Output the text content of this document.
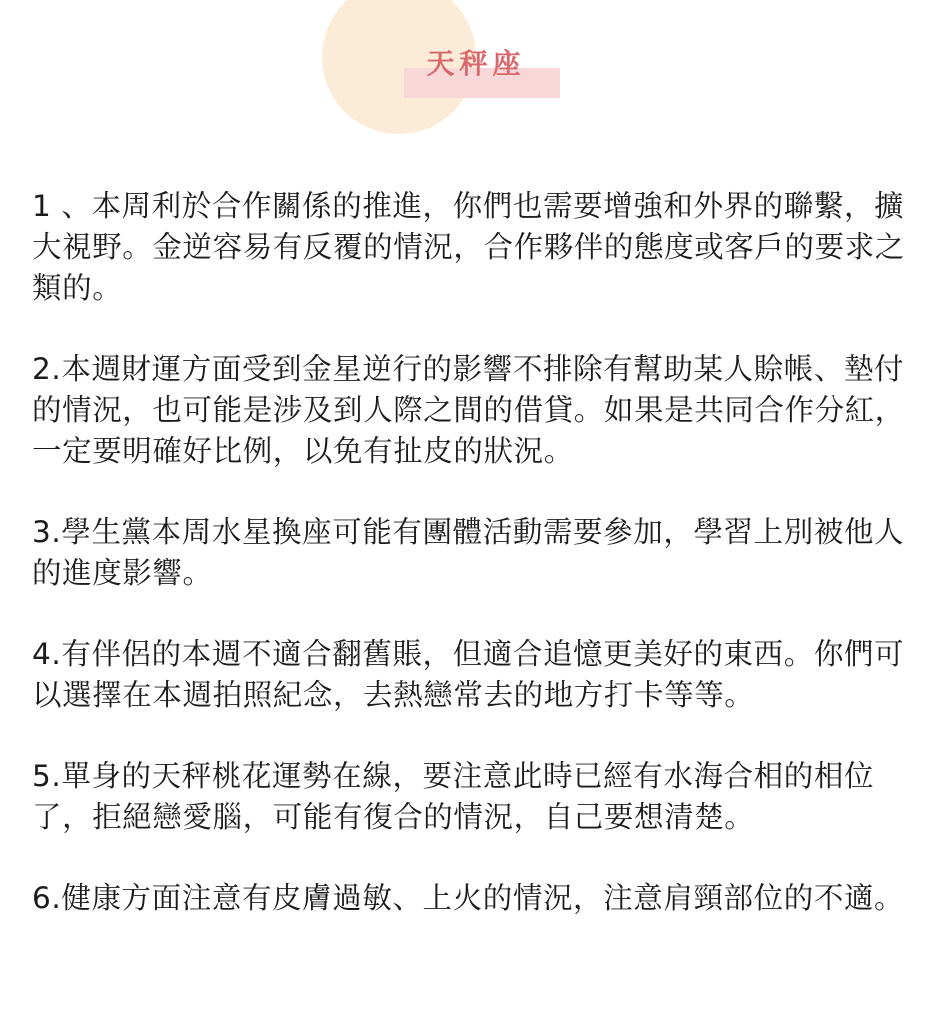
天秤座

1 、本周利於合作關係的推進，你們也需要增強和外界的聯繫，擴大視野。金逆容易有反覆的情況，合作夥伴的態度或客戶的要求之類的。

2.本週財運方面受到金星逆行的影響不排除有幫助某人賒帳、墊付的情況，也可能是涉及到人際之間的借貸。如果是共同合作分紅，一定要明確好比例，以免有扯皮的狀況。

3.學生黨本周水星換座可能有團體活動需要參加，學習上別被他人的進度影響。

4.有伴侶的本週不適合翻舊賬，但適合追憶更美好的東西。你們可以選擇在本週拍照紀念，去熱戀常去的地方打卡等等。

5.單身的天秤桃花運勢在線，要注意此時已經有水海合相的相位了，拒絕戀愛腦，可能有復合的情況，自己要想清楚。

6.健康方面注意有皮膚過敏、上火的情況，注意肩頸部位的不適。
